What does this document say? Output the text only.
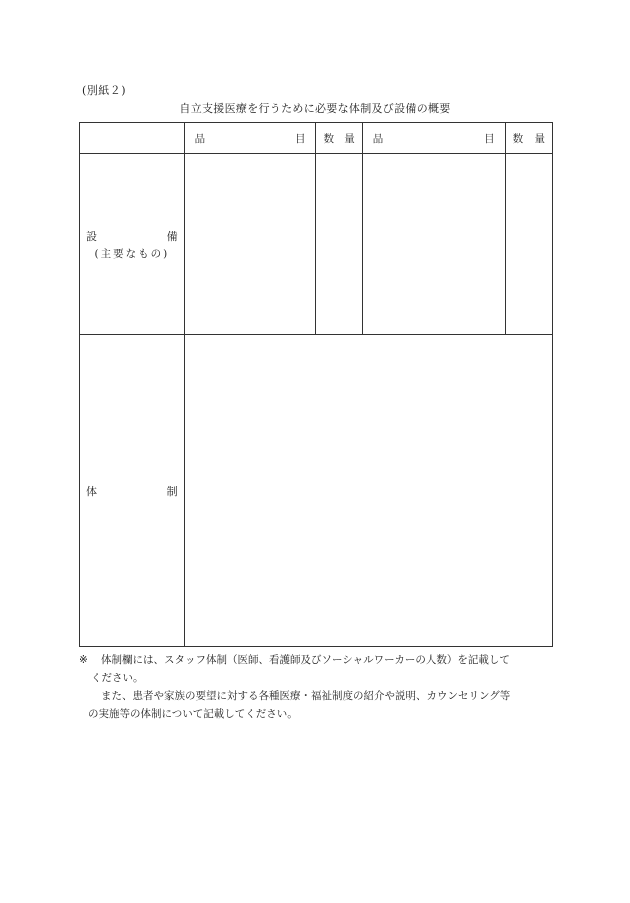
(別紙２)
自立支援医療を行うために必要な体制及び設備の概要

	品 目	数 量	品 目	数 量

設 備
(主要なもの)				

体 制				

※ 体制欄には、スタッフ体制（医師、看護師及びソーシャルワーカーの人数）を記載して
ください。
また、患者や家族の要望に対する各種医療・福祉制度の紹介や説明、カウンセリング等
の実施等の体制について記載してください。
